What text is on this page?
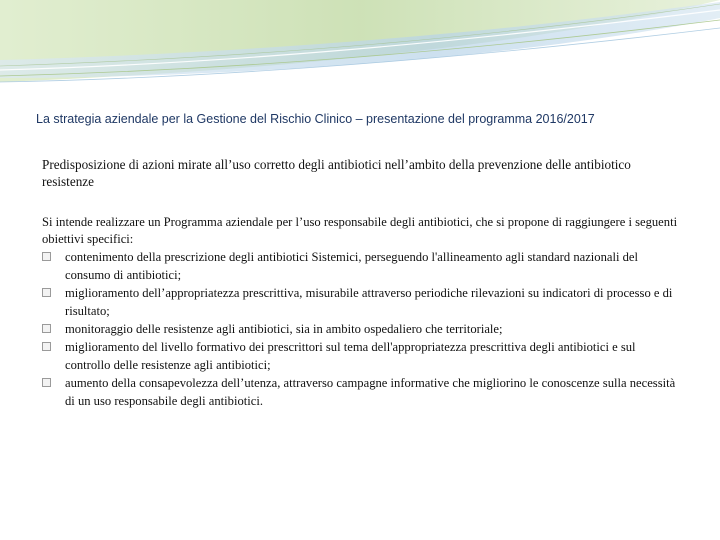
La strategia aziendale per la Gestione del Rischio Clinico – presentazione del programma 2016/2017

Predisposizione di azioni mirate all’uso corretto degli antibiotici nell’ambito della prevenzione delle antibiotico resistenze

Si intende realizzare un Programma aziendale per l’uso responsabile degli antibiotici, che si propone di raggiungere i seguenti obiettivi specifici:

contenimento della prescrizione degli antibiotici Sistemici, perseguendo l'allineamento agli standard nazionali del consumo di antibiotici;
miglioramento dell’appropriatezza prescrittiva, misurabile attraverso periodiche rilevazioni su indicatori di processo e di risultato;
monitoraggio delle resistenze agli antibiotici, sia in ambito ospedaliero che territoriale;
miglioramento del livello formativo dei prescrittori sul tema dell'appropriatezza prescrittiva degli antibiotici e sul controllo delle resistenze agli antibiotici;
aumento della consapevolezza dell’utenza, attraverso campagne informative che migliorino le conoscenze sulla necessità di un uso responsabile degli antibiotici.
